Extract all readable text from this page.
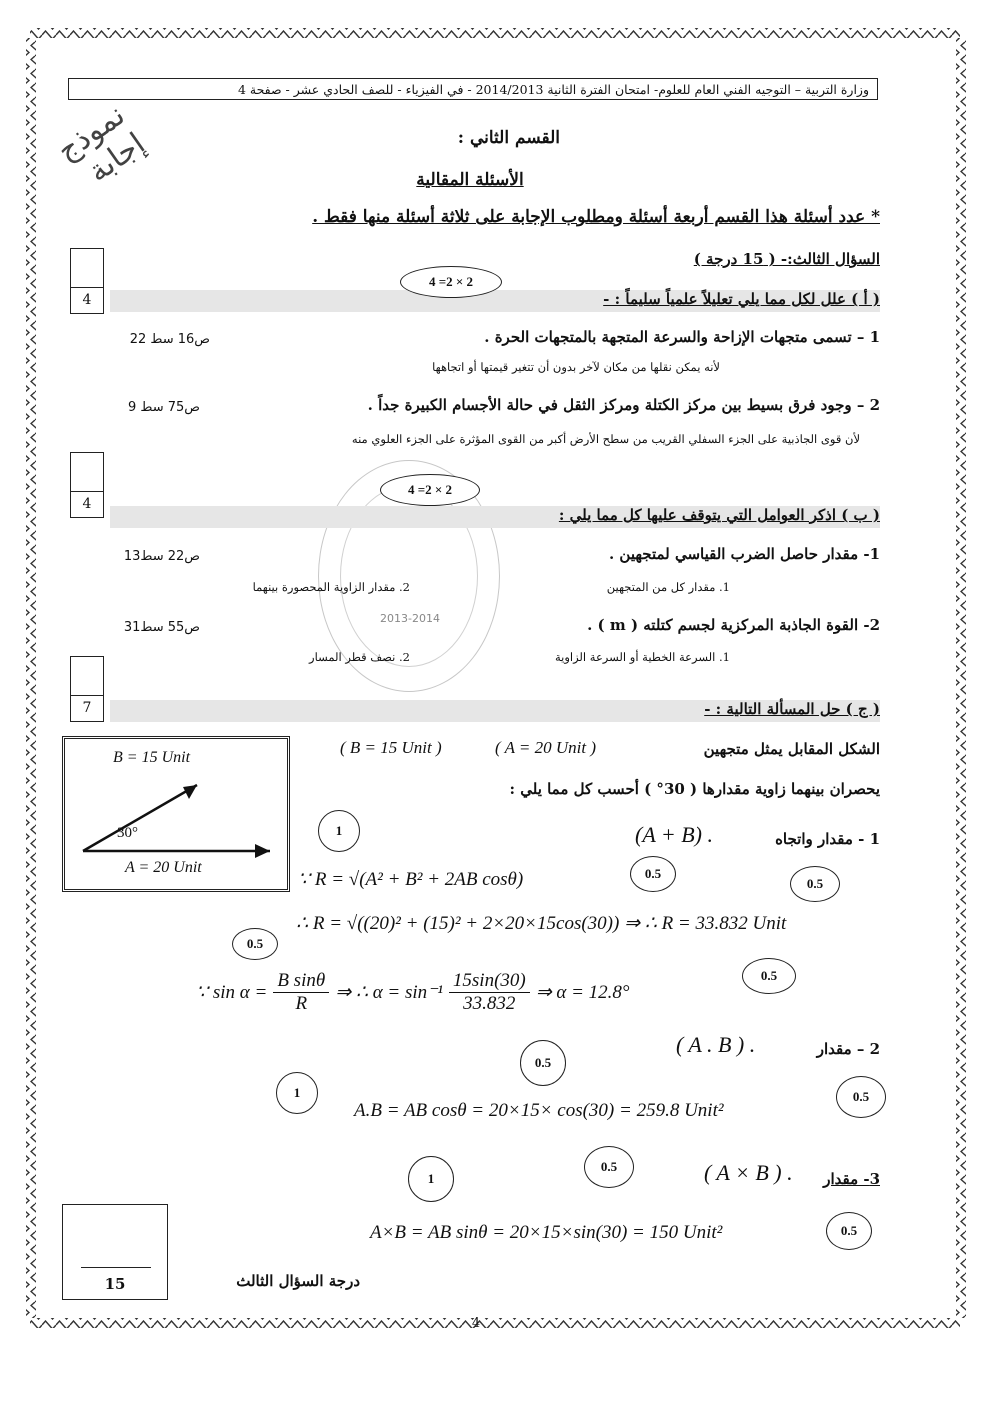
وزارة التربية – التوجيه الفني العام للعلوم- امتحان الفترة الثانية 2014/2013 - في الفيزياء - للصف الحادي عشر - صفحة 4
نموذج إجابة	القسم الثاني :
الأسئلة المقالية
* عدد أسئلة هذا القسم أربعة أسئلة ومطلوب الإجابة على ثلاثة أسئلة منها فقط .
السؤال الثالث:- ( 15 درجة )
4	( أ ) علل لكل مما يلي تعليلاً علمياً سليماً : -
4 =2 × 2
1 – تسمى متجهات الإزاحة والسرعة المتجهة بالمتجهات الحرة .
ص16 سط 22
لأنه يمكن نقلها من مكان لآخر بدون أن تتغير قيمتها أو اتجاهها
2 – وجود فرق بسيط بين مركز الكتلة ومركز الثقل في حالة الأجسام الكبيرة جداً .
ص75 سط 9
لأن قوى الجاذبية على الجزء السفلي القريب من سطح الأرض أكبر من القوى المؤثرة على الجزء العلوي منه
2013-2014
4
( ب ) اذكر العوامل التي يتوقف عليها كل مما يلي :
4 =2 × 2
1- مقدار حاصل الضرب القياسي لمتجهين .
ص22 سط13
1. مقدار كل من المتجهين
2. مقدار الزاوية المحصورة بينهما
2- القوة الجاذبة المركزية لجسم كتلته ( m ) .
ص55 سط31
1. السرعة الخطية أو السرعة الزاوية
2. نصف قطر المسار
7	( ج ) حل المسألة التالية : -
الشكل المقابل يمثل متجهين
( A = 20 Unit )
( B = 15 Unit )
يحصران بينهما زاوية مقدارها ( 30° ) أحسب كل مما يلي :
B = 15 Unit
30°
A = 20 Unit
1 - مقدار واتجاه
(A + B) .
1
∵ R = √(A² + B² + 2AB cosθ)	0.5
0.5
∴ R = √((20)² + (15)² + 2×20×15cos(30)) ⇒ ∴ R = 33.832 Unit
0.5
∵ $\sin \alpha = \frac{\text{B sinθ}}{R}$ ⇒ ∴ α = sin⁻¹
15sin(30)
33.832
⇒ α = 12.8°
0.5
2 – مقدار
( A . B ) .
1
0.5
A.B = AB cosθ = 20×15× cos(30) = 259.8 Unit²
0.5
3- مقدار
( A × B ) .
1
0.5
A×B = AB sinθ = 20×15×sin(30) = 150 Unit²	0.5
15	درجة السؤال الثالث
4
